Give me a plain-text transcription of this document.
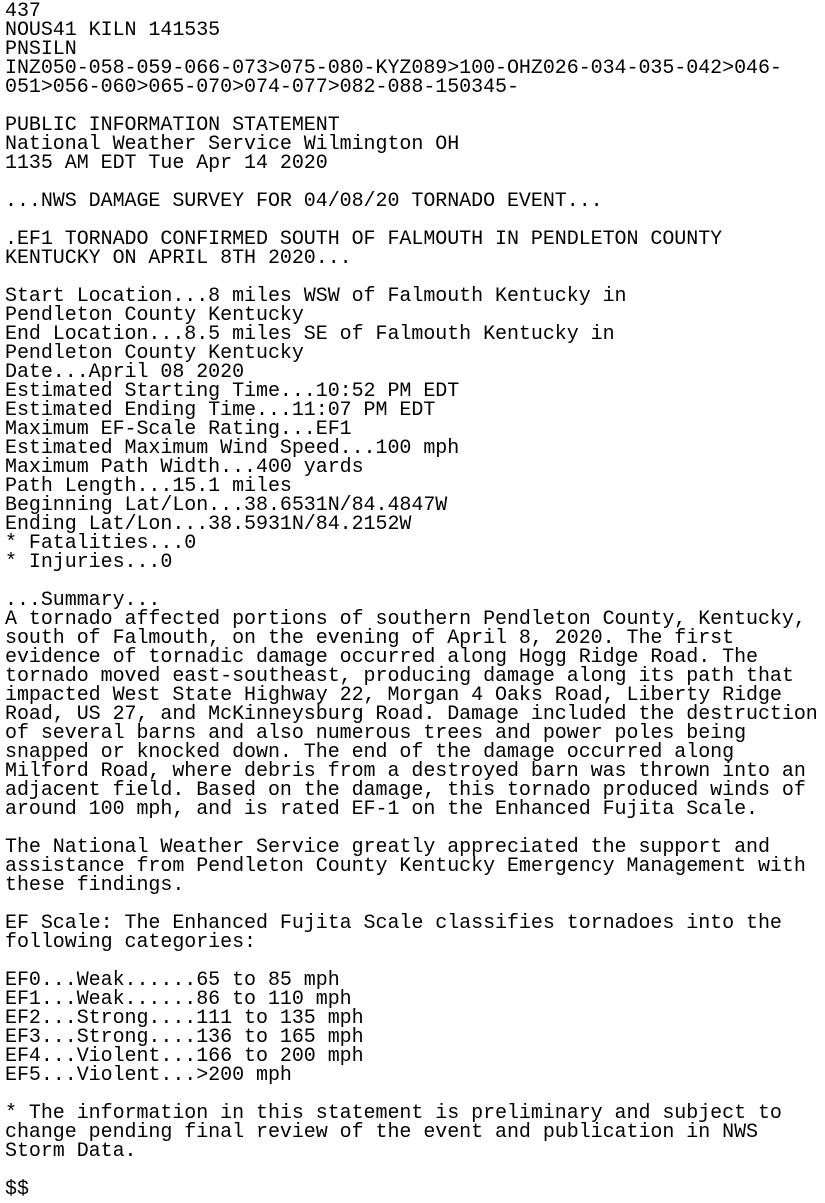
437
NOUS41 KILN 141535
PNSILN
INZ050-058-059-066-073>075-080-KYZ089>100-OHZ026-034-035-042>046-
051>056-060>065-070>074-077>082-088-150345-
PUBLIC INFORMATION STATEMENT
National Weather Service Wilmington OH
1135 AM EDT Tue Apr 14 2020
...NWS DAMAGE SURVEY FOR 04/08/20 TORNADO EVENT...
.EF1 TORNADO CONFIRMED SOUTH OF FALMOUTH IN PENDLETON COUNTY
KENTUCKY ON APRIL 8TH 2020...
Start Location...8 miles WSW of Falmouth Kentucky in
Pendleton County Kentucky
End Location...8.5 miles SE of Falmouth Kentucky in
Pendleton County Kentucky
Date...April 08 2020
Estimated Starting Time...10:52 PM EDT
Estimated Ending Time...11:07 PM EDT
Maximum EF-Scale Rating...EF1
Estimated Maximum Wind Speed...100 mph
Maximum Path Width...400 yards
Path Length...15.1 miles
Beginning Lat/Lon...38.6531N/84.4847W
Ending Lat/Lon...38.5931N/84.2152W
* Fatalities...0
* Injuries...0
...Summary...
A tornado affected portions of southern Pendleton County, Kentucky,
south of Falmouth, on the evening of April 8, 2020. The first
evidence of tornadic damage occurred along Hogg Ridge Road. The
tornado moved east-southeast, producing damage along its path that
impacted West State Highway 22, Morgan 4 Oaks Road, Liberty Ridge
Road, US 27, and McKinneysburg Road. Damage included the destruction
of several barns and also numerous trees and power poles being
snapped or knocked down. The end of the damage occurred along
Milford Road, where debris from a destroyed barn was thrown into an
adjacent field. Based on the damage, this tornado produced winds of
around 100 mph, and is rated EF-1 on the Enhanced Fujita Scale.
The National Weather Service greatly appreciated the support and
assistance from Pendleton County Kentucky Emergency Management with
these findings.
EF Scale: The Enhanced Fujita Scale classifies tornadoes into the
following categories:
EF0...Weak......65 to 85 mph
EF1...Weak......86 to 110 mph
EF2...Strong....111 to 135 mph
EF3...Strong....136 to 165 mph
EF4...Violent...166 to 200 mph
EF5...Violent...>200 mph
* The information in this statement is preliminary and subject to
change pending final review of the event and publication in NWS
Storm Data.
$$
